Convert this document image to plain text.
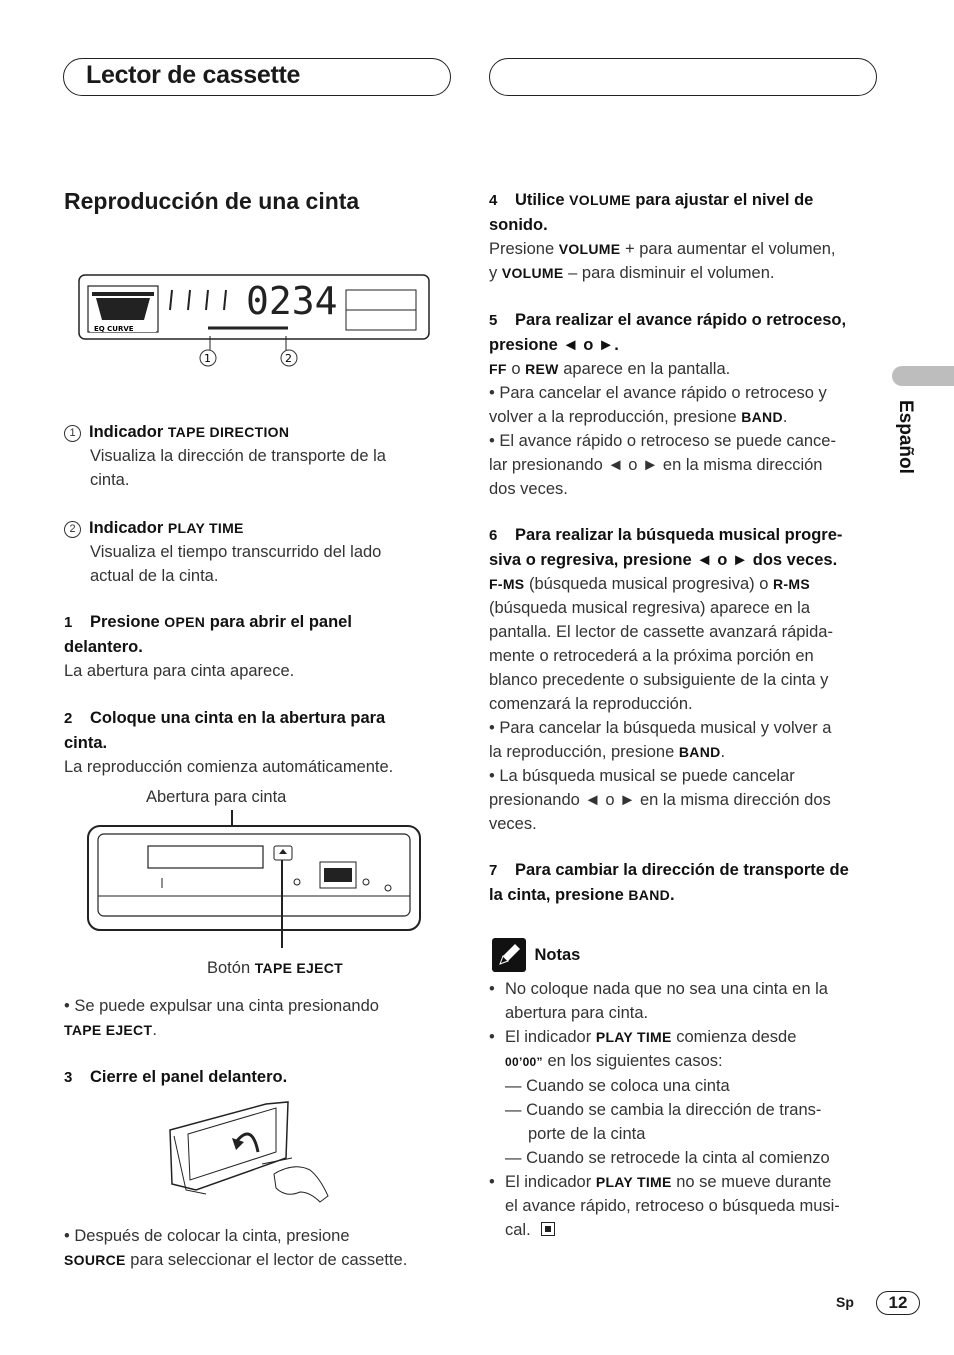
Lector de cassette
Español
Reproducción de una cinta
EQ CURVE
0234
1	2
1 Indicador TAPE DIRECTION
Visualiza la dirección de transporte de la
cinta.
2 Indicador PLAY TIME
Visualiza el tiempo transcurrido del lado
actual de la cinta.
1 Presione OPEN para abrir el panel
delantero.
La abertura para cinta aparece.
2 Coloque una cinta en la abertura para
cinta.
La reproducción comienza automáticamente.
Abertura para cinta
Botón TAPE EJECT
• Se puede expulsar una cinta presionando
TAPE EJECT.
3 Cierre el panel delantero.
• Después de colocar la cinta, presione
SOURCE para seleccionar el lector de cassette.
4 Utilice VOLUME para ajustar el nivel de
sonido.
Presione VOLUME + para aumentar el volumen,
y VOLUME – para disminuir el volumen.
5 Para realizar el avance rápido o retroceso,
presione ◄ o ►.
FF o REW aparece en la pantalla.
• Para cancelar el avance rápido o retroceso y
volver a la reproducción, presione BAND.
• El avance rápido o retroceso se puede cance-
lar presionando ◄ o ► en la misma dirección
dos veces.
6 Para realizar la búsqueda musical progre-
siva o regresiva, presione ◄ o ► dos veces.
F-MS (búsqueda musical progresiva) o R-MS
(búsqueda musical regresiva) aparece en la
pantalla. El lector de cassette avanzará rápida-
mente o retrocederá a la próxima porción en
blanco precedente o subsiguiente de la cinta y
comenzará la reproducción.
• Para cancelar la búsqueda musical y volver a
la reproducción, presione BAND.
• La búsqueda musical se puede cancelar
presionando ◄ o ► en la misma dirección dos
veces.
7 Para cambiar la dirección de transporte de
la cinta, presione BAND.
Notas
• No coloque nada que no sea una cinta en la
abertura para cinta.
• El indicador PLAY TIME comienza desde
00’00” en los siguientes casos:
— Cuando se coloca una cinta
— Cuando se cambia la dirección de trans-
porte de la cinta
— Cuando se retrocede la cinta al comienzo
• El indicador PLAY TIME no se mueve durante
el avance rápido, retroceso o búsqueda musi-
cal.
Sp	12
